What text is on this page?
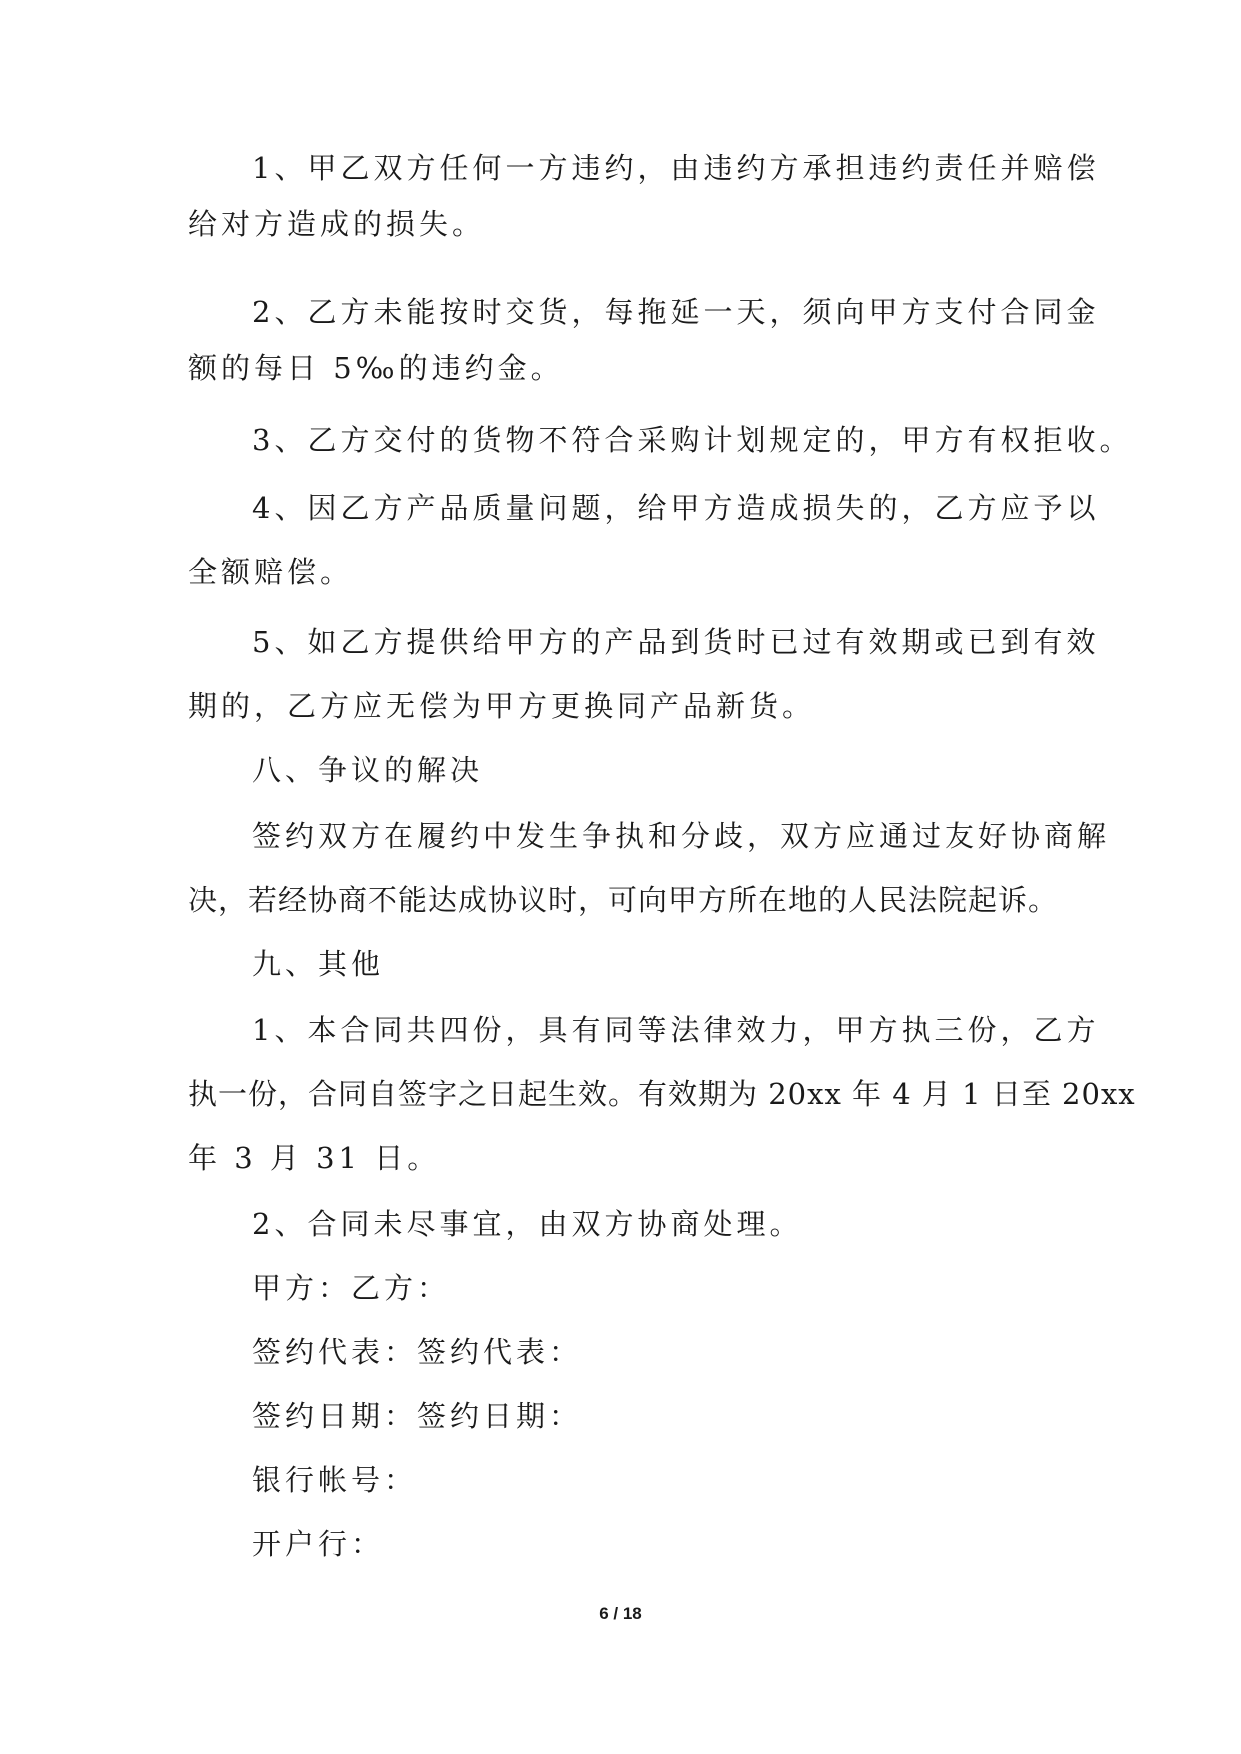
1、甲乙双方任何一方违约，由违约方承担违约责任并赔偿
给对方造成的损失。
2、乙方未能按时交货，每拖延一天，须向甲方支付合同金
额的每日 5‰的违约金。
3、乙方交付的货物不符合采购计划规定的，甲方有权拒收。
4、因乙方产品质量问题，给甲方造成损失的，乙方应予以
全额赔偿。
5、如乙方提供给甲方的产品到货时已过有效期或已到有效
期的，乙方应无偿为甲方更换同产品新货。
八、争议的解决
签约双方在履约中发生争执和分歧，双方应通过友好协商解
决，若经协商不能达成协议时，可向甲方所在地的人民法院起诉。
九、其他
1、本合同共四份，具有同等法律效力，甲方执三份，乙方
执一份，合同自签字之日起生效。有效期为 20xx 年 4 月 1 日至 20xx
年 3 月 31 日。
2、合同未尽事宜，由双方协商处理。
甲方：乙方：
签约代表：签约代表：
签约日期：签约日期：
银行帐号：
开户行：
6 / 18
